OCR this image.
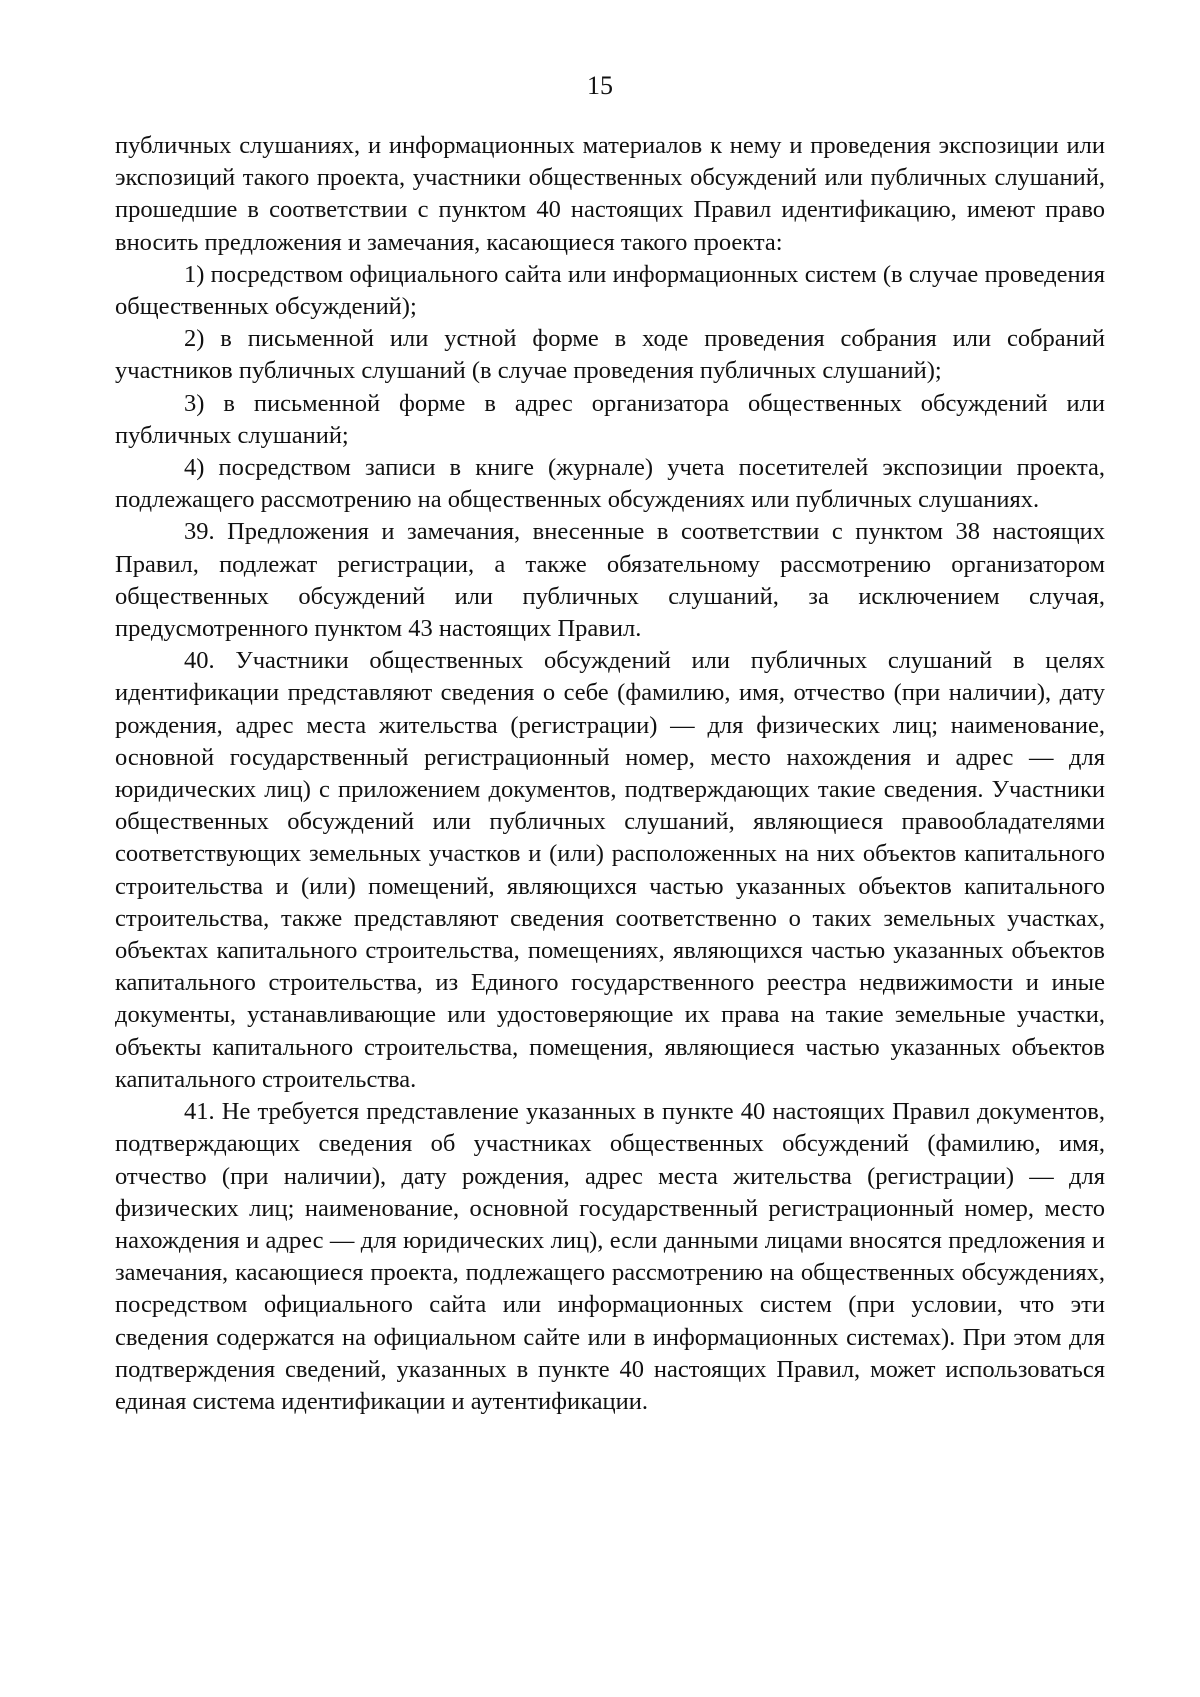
15

публичных слушаниях, и информационных материалов к нему и проведения экспозиции или экспозиций такого проекта, участники общественных обсуждений или публичных слушаний, прошедшие в соответствии с пунктом 40 настоящих Правил идентификацию, имеют право вносить предложения и замечания, касающиеся такого проекта:

1) посредством официального сайта или информационных систем (в случае проведения общественных обсуждений);

2) в письменной или устной форме в ходе проведения собрания или собраний участников публичных слушаний (в случае проведения публичных слушаний);

3) в письменной форме в адрес организатора общественных обсуждений или публичных слушаний;

4) посредством записи в книге (журнале) учета посетителей экспозиции проекта, подлежащего рассмотрению на общественных обсуждениях или публичных слушаниях.

39. Предложения и замечания, внесенные в соответствии с пунктом 38 настоящих Правил, подлежат регистрации, а также обязательному рассмотрению организатором общественных обсуждений или публичных слушаний, за исключением случая, предусмотренного пунктом 43 настоящих Правил.

40. Участники общественных обсуждений или публичных слушаний в целях идентификации представляют сведения о себе (фамилию, имя, отчество (при наличии), дату рождения, адрес места жительства (регистрации) — для физических лиц; наименование, основной государственный регистрационный номер, место нахождения и адрес — для юридических лиц) с приложением документов, подтверждающих такие сведения. Участники общественных обсуждений или публичных слушаний, являющиеся правообладателями соответствующих земельных участков и (или) расположенных на них объектов капитального строительства и (или) помещений, являющихся частью указанных объектов капитального строительства, также представляют сведения соответственно о таких земельных участках, объектах капитального строительства, помещениях, являющихся частью указанных объектов капитального строительства, из Единого государственного реестра недвижимости и иные документы, устанавливающие или удостоверяющие их права на такие земельные участки, объекты капитального строительства, помещения, являющиеся частью указанных объектов капитального строительства.

41. Не требуется представление указанных в пункте 40 настоящих Правил документов, подтверждающих сведения об участниках общественных обсуждений (фамилию, имя, отчество (при наличии), дату рождения, адрес места жительства (регистрации) — для физических лиц; наименование, основной государственный регистрационный номер, место нахождения и адрес — для юридических лиц), если данными лицами вносятся предложения и замечания, касающиеся проекта, подлежащего рассмотрению на общественных обсуждениях, посредством официального сайта или информационных систем (при условии, что эти сведения содержатся на официальном сайте или в информационных системах). При этом для подтверждения сведений, указанных в пункте 40 настоящих Правил, может использоваться единая система идентификации и аутентификации.
